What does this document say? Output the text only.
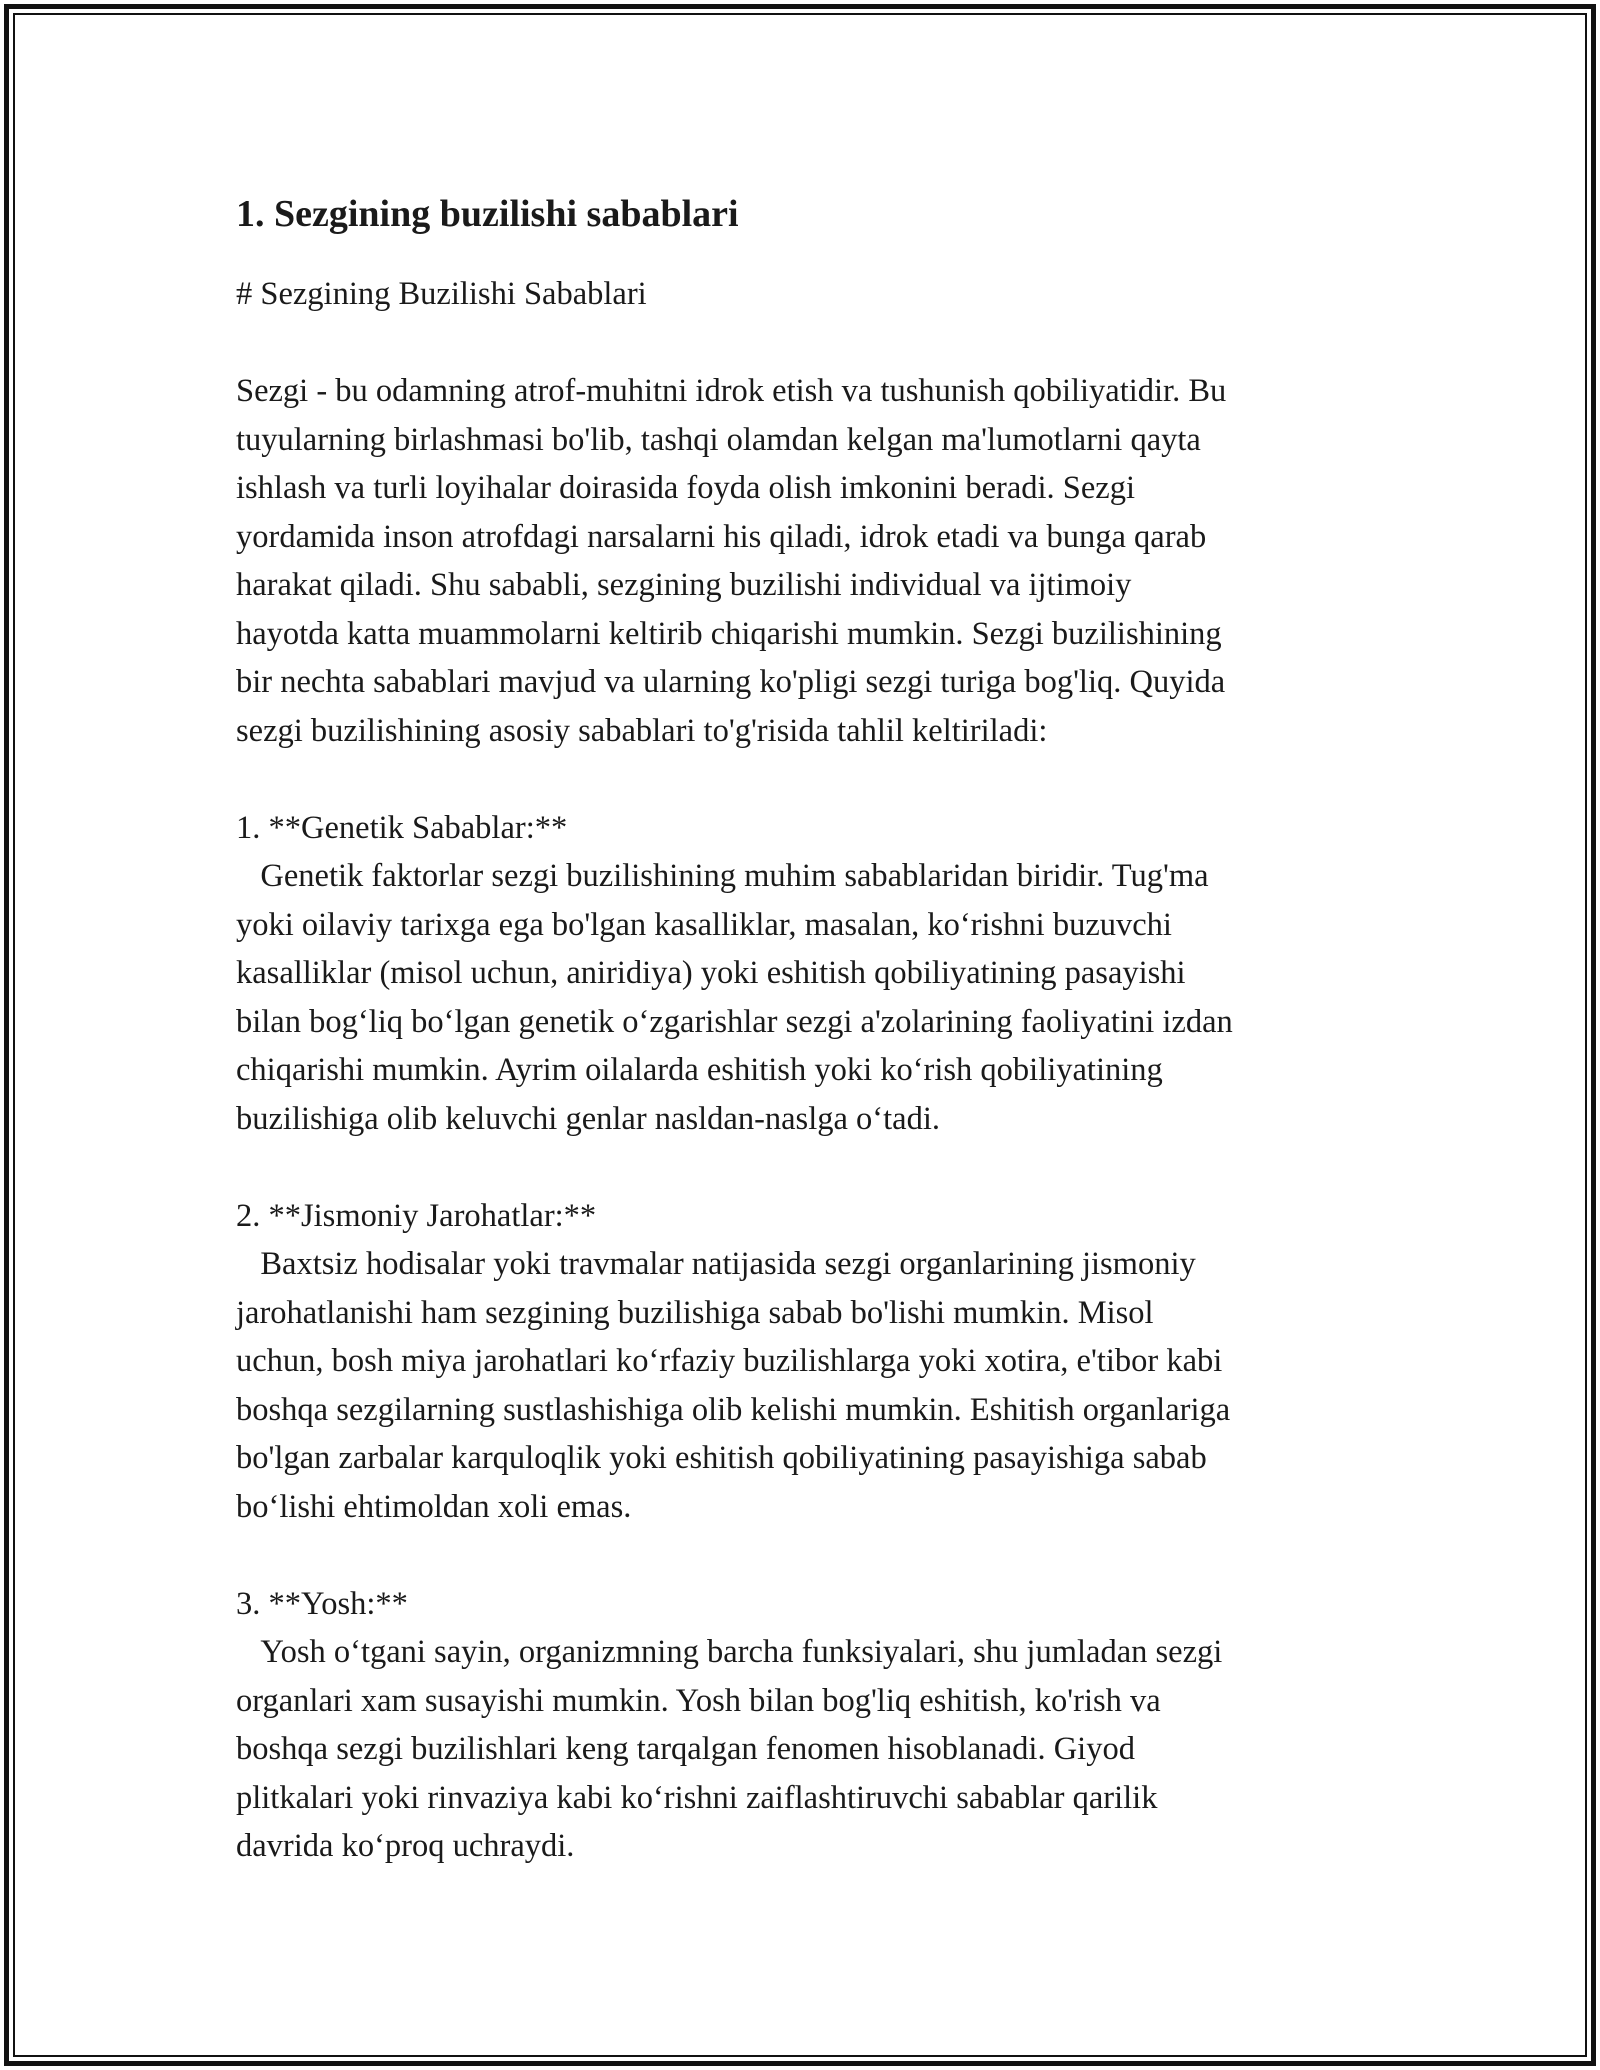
1. Sezgining buzilishi sabablari

# Sezgining Buzilishi Sabablari

Sezgi - bu odamning atrof-muhitni idrok etish va tushunish qobiliyatidir. Bu
tuyularning birlashmasi bo'lib, tashqi olamdan kelgan ma'lumotlarni qayta
ishlash va turli loyihalar doirasida foyda olish imkonini beradi. Sezgi
yordamida inson atrofdagi narsalarni his qiladi, idrok etadi va bunga qarab
harakat qiladi. Shu sababli, sezgining buzilishi individual va ijtimoiy
hayotda katta muammolarni keltirib chiqarishi mumkin. Sezgi buzilishining
bir nechta sabablari mavjud va ularning ko'pligi sezgi turiga bog'liq. Quyida
sezgi buzilishining asosiy sabablari to'g'risida tahlil keltiriladi:

1. **Genetik Sabablar:**

Genetik faktorlar sezgi buzilishining muhim sabablaridan biridir. Tug'ma
yoki oilaviy tarixga ega bo'lgan kasalliklar, masalan, koʻrishni buzuvchi
kasalliklar (misol uchun, aniridiya) yoki eshitish qobiliyatining pasayishi
bilan bogʻliq boʻlgan genetik oʻzgarishlar sezgi a'zolarining faoliyatini izdan
chiqarishi mumkin. Ayrim oilalarda eshitish yoki koʻrish qobiliyatining
buzilishiga olib keluvchi genlar nasldan-naslga oʻtadi.

2. **Jismoniy Jarohatlar:**

Baxtsiz hodisalar yoki travmalar natijasida sezgi organlarining jismoniy
jarohatlanishi ham sezgining buzilishiga sabab bo'lishi mumkin. Misol
uchun, bosh miya jarohatlari koʻrfaziy buzilishlarga yoki xotira, e'tibor kabi
boshqa sezgilarning sustlashishiga olib kelishi mumkin. Eshitish organlariga
bo'lgan zarbalar karquloqlik yoki eshitish qobiliyatining pasayishiga sabab
boʻlishi ehtimoldan xoli emas.

3. **Yosh:**

Yosh oʻtgani sayin, organizmning barcha funksiyalari, shu jumladan sezgi
organlari xam susayishi mumkin. Yosh bilan bog'liq eshitish, ko'rish va
boshqa sezgi buzilishlari keng tarqalgan fenomen hisoblanadi. Giyod
plitkalari yoki rinvaziya kabi koʻrishni zaiflashtiruvchi sabablar qarilik
davrida koʻproq uchraydi.
